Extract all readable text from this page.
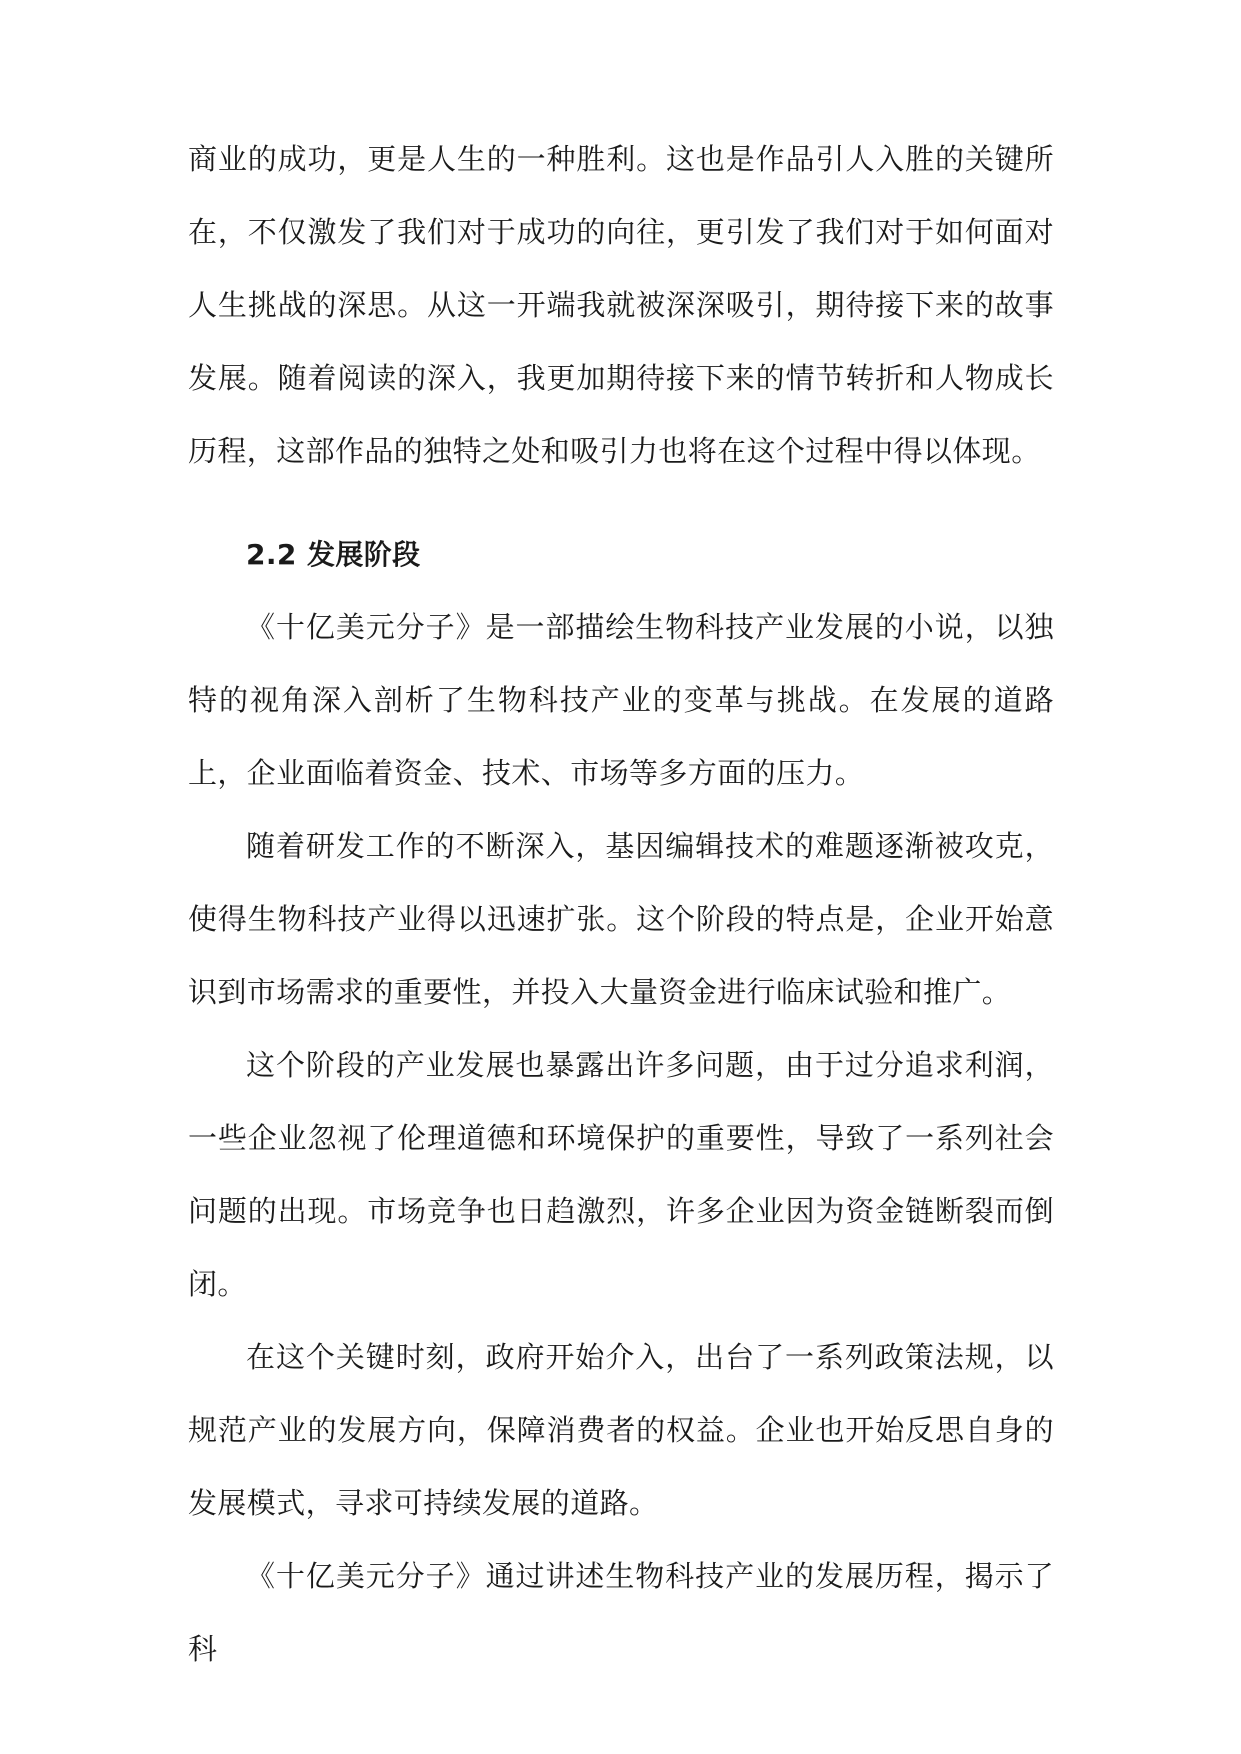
商业的成功，更是人生的一种胜利。这也是作品引人入胜的关键所在，不仅激发了我们对于成功的向往，更引发了我们对于如何面对人生挑战的深思。从这一开端我就被深深吸引，期待接下来的故事发展。随着阅读的深入，我更加期待接下来的情节转折和人物成长历程，这部作品的独特之处和吸引力也将在这个过程中得以体现。

2.2 发展阶段

《十亿美元分子》是一部描绘生物科技产业发展的小说，以独特的视角深入剖析了生物科技产业的变革与挑战。在发展的道路上，企业面临着资金、技术、市场等多方面的压力。

随着研发工作的不断深入，基因编辑技术的难题逐渐被攻克，使得生物科技产业得以迅速扩张。这个阶段的特点是，企业开始意识到市场需求的重要性，并投入大量资金进行临床试验和推广。

这个阶段的产业发展也暴露出许多问题，由于过分追求利润，一些企业忽视了伦理道德和环境保护的重要性，导致了一系列社会问题的出现。市场竞争也日趋激烈，许多企业因为资金链断裂而倒闭。

在这个关键时刻，政府开始介入，出台了一系列政策法规，以规范产业的发展方向，保障消费者的权益。企业也开始反思自身的发展模式，寻求可持续发展的道路。

《十亿美元分子》通过讲述生物科技产业的发展历程，揭示了科
